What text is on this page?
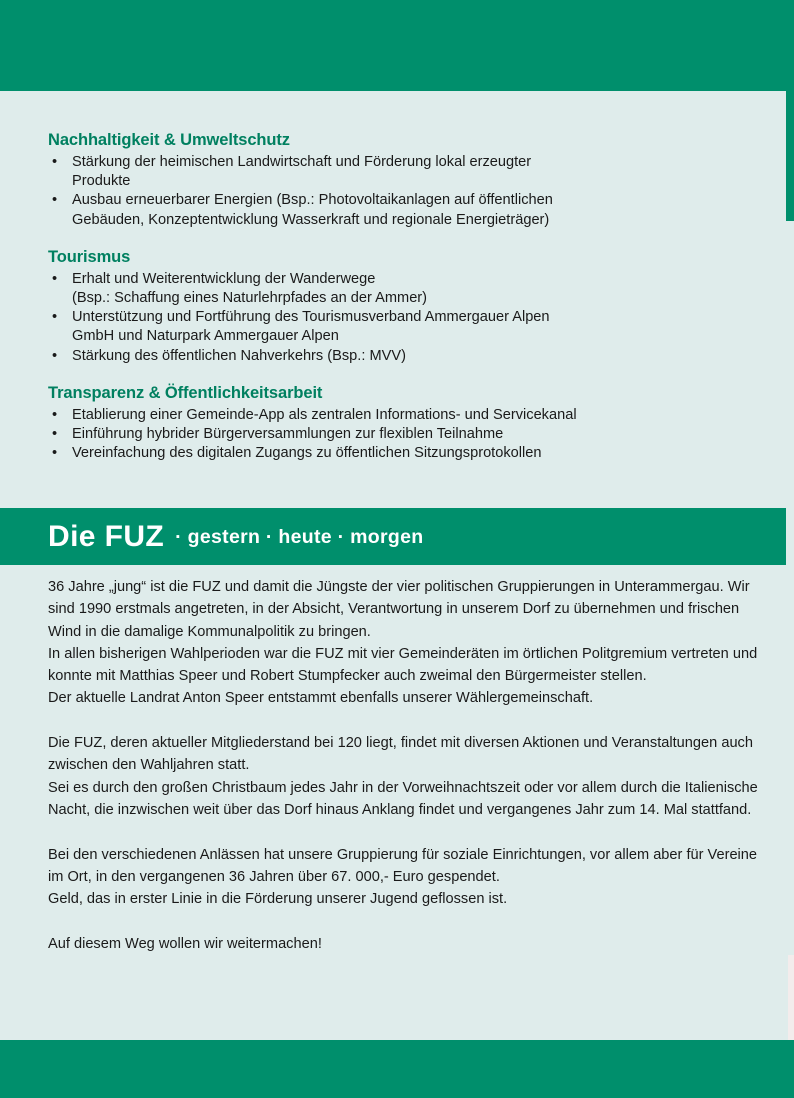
Nachhaltigkeit & Umweltschutz
• Stärkung der heimischen Landwirtschaft und Förderung lokal erzeugter
Produkte
• Ausbau erneuerbarer Energien (Bsp.: Photovoltaikanlagen auf öffentlichen
Gebäuden, Konzeptentwicklung Wasserkraft und regionale Energieträger)
Tourismus
• Erhalt und Weiterentwicklung der Wanderwege
(Bsp.: Schaffung eines Naturlehrpfades an der Ammer)
• Unterstützung und Fortführung des Tourismusverband Ammergauer Alpen
GmbH und Naturpark Ammergauer Alpen
• Stärkung des öffentlichen Nahverkehrs (Bsp.: MVV)
Transparenz & Öffentlichkeitsarbeit
• Etablierung einer Gemeinde-App als zentralen Informations- und Servicekanal
• Einführung hybrider Bürgerversammlungen zur flexiblen Teilnahme
• Vereinfachung des digitalen Zugangs zu öffentlichen Sitzungsprotokollen
Die FUZ · gestern · heute · morgen

36 Jahre „jung“ ist die FUZ und damit die Jüngste der vier politischen Gruppierungen in Unterammergau. Wir sind 1990 erstmals angetreten, in der Absicht, Verantwortung in unserem Dorf zu übernehmen und frischen Wind in die damalige Kommunalpolitik zu bringen.

In allen bisherigen Wahlperioden war die FUZ mit vier Gemeinderäten im örtlichen Politgremium vertreten und konnte mit Matthias Speer und Robert Stumpfecker auch zweimal den Bürgermeister stellen.

Der aktuelle Landrat Anton Speer entstammt ebenfalls unserer Wählergemeinschaft.

Die FUZ, deren aktueller Mitgliederstand bei 120 liegt, findet mit diversen Aktionen und Veranstaltungen auch zwischen den Wahljahren statt.

Sei es durch den großen Christbaum jedes Jahr in der Vorweihnachtszeit oder vor allem durch die Italienische Nacht, die inzwischen weit über das Dorf hinaus Anklang findet und vergangenes Jahr zum 14. Mal stattfand.

Bei den verschiedenen Anlässen hat unsere Gruppierung für soziale Einrichtungen, vor allem aber für Vereine im Ort, in den vergangenen 36 Jahren über 67. 000,- Euro gespendet.

Geld, das in erster Linie in die Förderung unserer Jugend geflossen ist.

Auf diesem Weg wollen wir weitermachen!
